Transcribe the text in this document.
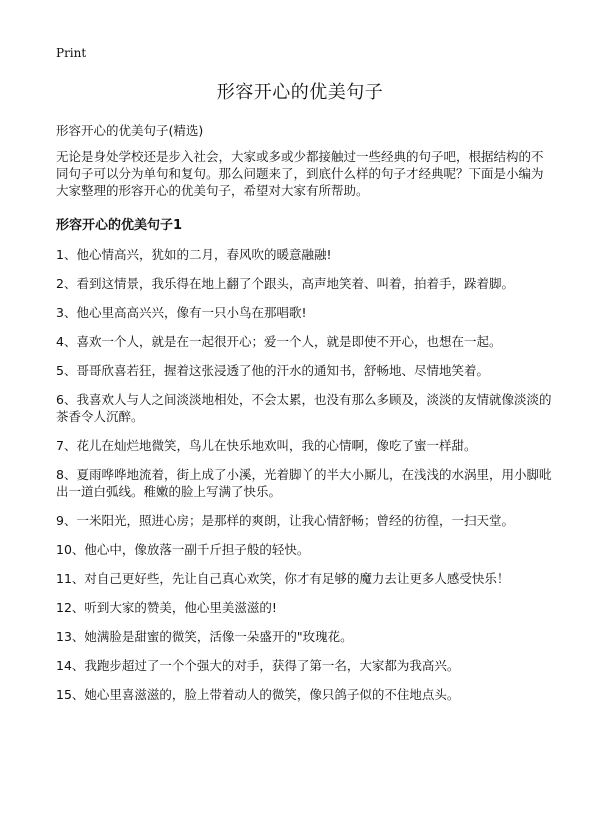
Print
形容开心的优美句子

形容开心的优美句子(精选)

无论是身处学校还是步入社会，大家或多或少都接触过一些经典的句子吧，根据结构的不同句子可以分为单句和复句。那么问题来了，到底什么样的句子才经典呢？下面是小编为大家整理的形容开心的优美句子，希望对大家有所帮助。

形容开心的优美句子1
1、他心情高兴，犹如的二月，春风吹的暖意融融!
2、看到这情景，我乐得在地上翻了个跟头，高声地笑着、叫着，拍着手，跺着脚。
3、他心里高高兴兴，像有一只小鸟在那唱歌!
4、喜欢一个人，就是在一起很开心；爱一个人，就是即使不开心，也想在一起。
5、哥哥欣喜若狂，握着这张浸透了他的汗水的通知书，舒畅地、尽情地笑着。
6、我喜欢人与人之间淡淡地相处，不会太累，也没有那么多顾及，淡淡的友情就像淡淡的茶香令人沉醉。
7、花儿在灿烂地微笑，鸟儿在快乐地欢叫，我的心情啊，像吃了蜜一样甜。
8、夏雨哗哗地流着，街上成了小溪，光着脚丫的半大小厮儿，在浅浅的水涡里，用小脚吡出一道白弧线。稚嫩的脸上写满了快乐。
9、一米阳光，照进心房；是那样的爽朗，让我心情舒畅；曾经的彷徨，一扫天堂。
10、他心中，像放落一副千斤担子般的轻快。
11、对自己更好些，先让自己真心欢笑，你才有足够的魔力去让更多人感受快乐！
12、听到大家的赞美，他心里美滋滋的!
13、她满脸是甜蜜的微笑，活像一朵盛开的"玫瑰花。
14、我跑步超过了一个个强大的对手，获得了第一名，大家都为我高兴。
15、她心里喜滋滋的，脸上带着动人的微笑，像只鸽子似的不住地点头。
